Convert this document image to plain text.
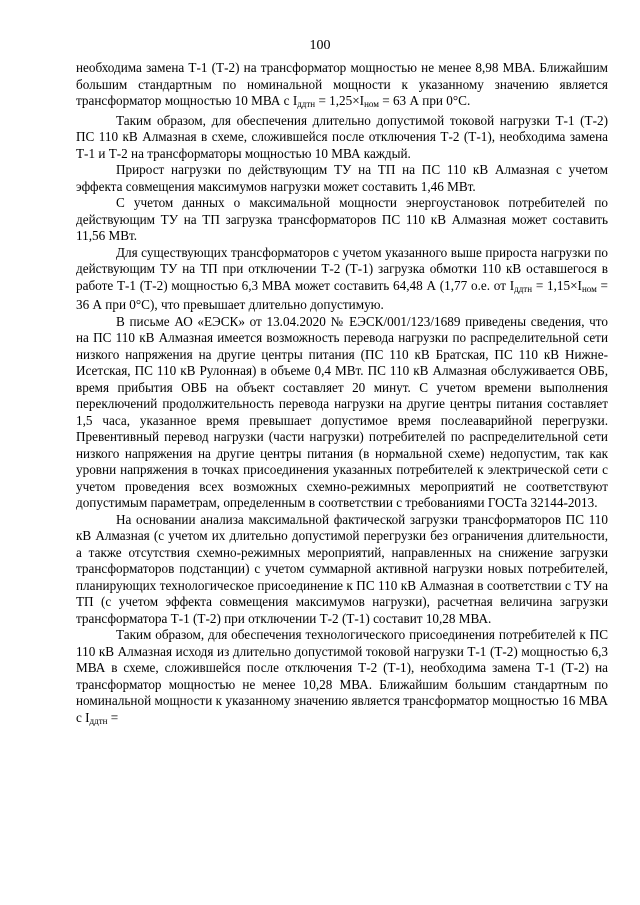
100

необходима замена Т-1 (Т-2) на трансформатор мощностью не менее 8,98 МВА. Ближайшим большим стандартным по номинальной мощности к указанному значению является трансформатор мощностью 10 МВА с $I_{ддтн} = 1,25\times I_{ном} = 63$ А при 0°С.

Таким образом, для обеспечения длительно допустимой токовой нагрузки Т-1 (Т-2) ПС 110 кВ Алмазная в схеме, сложившейся после отключения Т-2 (Т-1), необходима замена Т-1 и Т-2 на трансформаторы мощностью 10 МВА каждый.

Прирост нагрузки по действующим ТУ на ТП на ПС 110 кВ Алмазная с учетом эффекта совмещения максимумов нагрузки может составить 1,46 МВт.

С учетом данных о максимальной мощности энергоустановок потребителей по действующим ТУ на ТП загрузка трансформаторов ПС 110 кВ Алмазная может составить 11,56 МВт.

Для существующих трансформаторов с учетом указанного выше прироста нагрузки по действующим ТУ на ТП при отключении Т-2 (Т-1) загрузка обмотки 110 кВ оставшегося в работе Т-1 (Т-2) мощностью 6,3 МВА может составить 64,48 А (1,77 о.е. от $I_{ддтн} = 1,15\times I_{ном} = 36$ А при 0°С), что превышает длительно допустимую.

В письме АО «ЕЭСК» от 13.04.2020 № ЕЭСК/001/123/1689 приведены сведения, что на ПС 110 кВ Алмазная имеется возможность перевода нагрузки по распределительной сети низкого напряжения на другие центры питания (ПС 110 кВ Братская, ПС 110 кВ Нижне-Исетская, ПС 110 кВ Рулонная) в объеме 0,4 МВт. ПС 110 кВ Алмазная обслуживается ОВБ, время прибытия ОВБ на объект составляет 20 минут. С учетом времени выполнения переключений продолжительность перевода нагрузки на другие центры питания составляет 1,5 часа, указанное время превышает допустимое время послеаварийной перегрузки. Превентивный перевод нагрузки (части нагрузки) потребителей по распределительной сети низкого напряжения на другие центры питания (в нормальной схеме) недопустим, так как уровни напряжения в точках присоединения указанных потребителей к электрической сети с учетом проведения всех возможных схемно-режимных мероприятий не соответствуют допустимым параметрам, определенным в соответствии с требованиями ГОСТа 32144-2013.

На основании анализа максимальной фактической загрузки трансформаторов ПС 110 кВ Алмазная (с учетом их длительно допустимой перегрузки без ограничения длительности, а также отсутствия схемно-режимных мероприятий, направленных на снижение загрузки трансформаторов подстанции) с учетом суммарной активной нагрузки новых потребителей, планирующих технологическое присоединение к ПС 110 кВ Алмазная в соответствии с ТУ на ТП (с учетом эффекта совмещения максимумов нагрузки), расчетная величина загрузки трансформатора Т-1 (Т-2) при отключении Т-2 (Т-1) составит 10,28 МВА.

Таким образом, для обеспечения технологического присоединения потребителей к ПС 110 кВ Алмазная исходя из длительно допустимой токовой нагрузки Т-1 (Т-2) мощностью 6,3 МВА в схеме, сложившейся после отключения Т-2 (Т-1), необходима замена Т-1 (Т-2) на трансформатор мощностью не менее 10,28 МВА. Ближайшим большим стандартным по номинальной мощности к указанному значению является трансформатор мощностью 16 МВА с $I_{ддтн}$ =
